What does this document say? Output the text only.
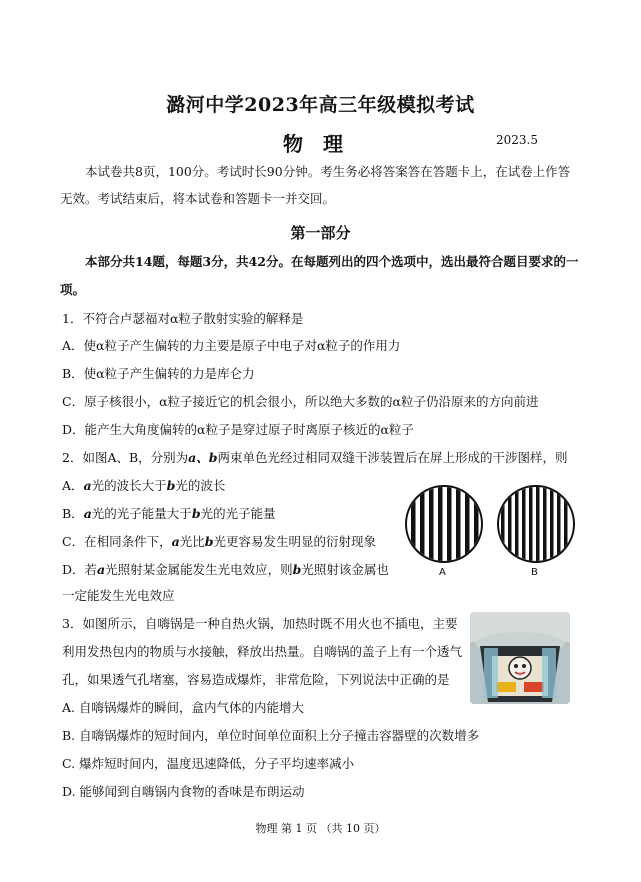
潞河中学2023年高三年级模拟考试
物理	2023.5
本试卷共8页，100分。考试时长90分钟。考生务必将答案答在答题卡上，在试卷上作答无效。考试结束后，将本试卷和答题卡一并交回。
第一部分
本部分共14题，每题3分，共42分。在每题列出的四个选项中，选出最符合题目要求的一项。
1．不符合卢瑟福对α粒子散射实验的解释是
A．使α粒子产生偏转的力主要是原子中电子对α粒子的作用力
B．使α粒子产生偏转的力是库仑力
C．原子核很小，α粒子接近它的机会很小，所以绝大多数的α粒子仍沿原来的方向前进
D．能产生大角度偏转的α粒子是穿过原子时离原子核近的α粒子
2．如图A、B，分别为a、b两束单色光经过相同双缝干涉装置后在屏上形成的干涉图样，则
A．a光的波长大于b光的波长
B．a光的光子能量大于b光的光子能量
C．在相同条件下，a光比b光更容易发生明显的衍射现象
D．若a光照射某金属能发生光电效应，则b光照射该金属也
一定能发生光电效应
A	B
3．如图所示，自嗨锅是一种自热火锅，加热时既不用火也不插电，主要
利用发热包内的物质与水接触，释放出热量。自嗨锅的盖子上有一个透气
孔，如果透气孔堵塞，容易造成爆炸，非常危险，下列说法中正确的是
A. 自嗨锅爆炸的瞬间，盒内气体的内能增大
B. 自嗨锅爆炸的短时间内，单位时间单位面积上分子撞击容器壁的次数增多
C. 爆炸短时间内，温度迅速降低，分子平均速率减小
D. 能够闻到自嗨锅内食物的香味是布朗运动
物理 第 1 页 （共 10 页）
